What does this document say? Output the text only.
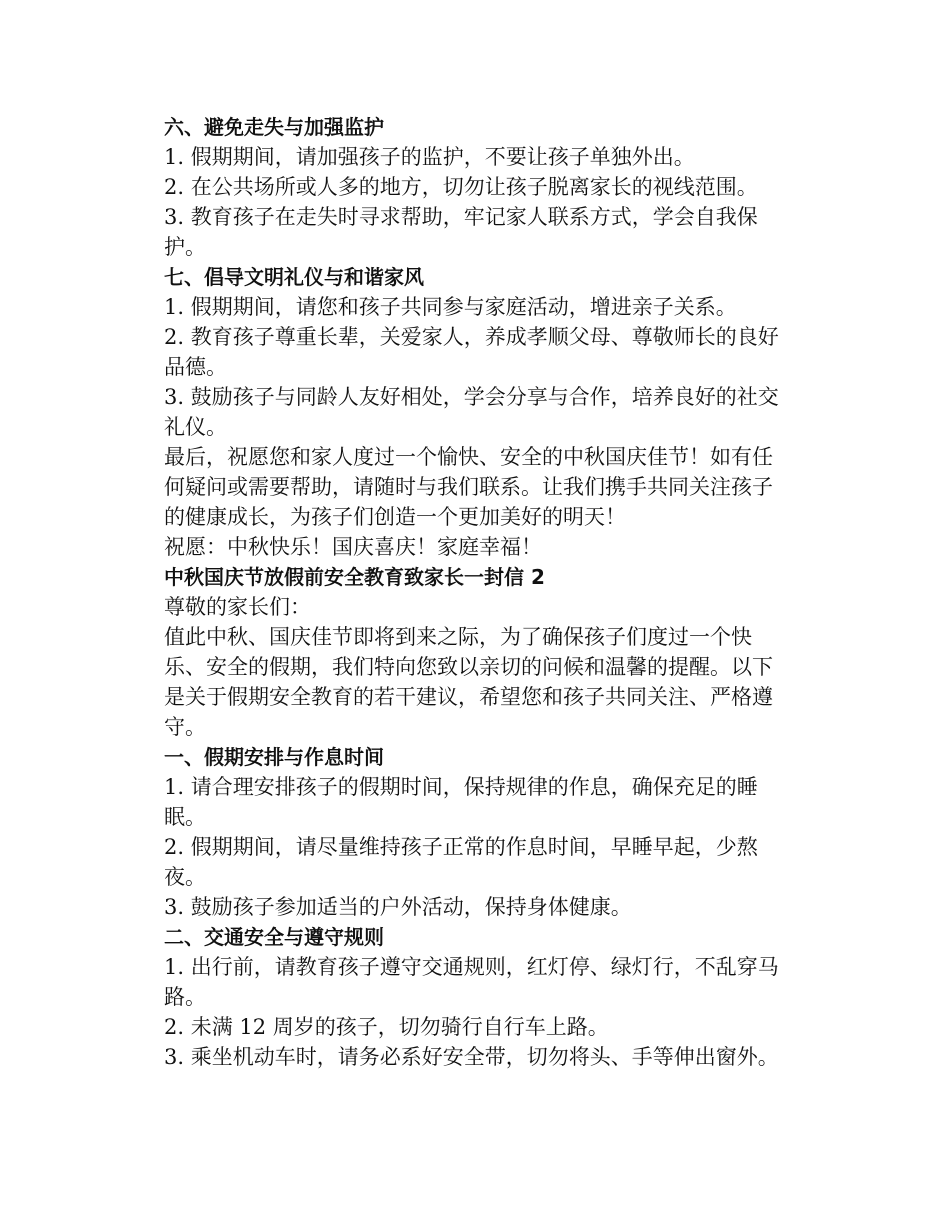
六、避免走失与加强监护

1. 假期期间，请加强孩子的监护，不要让孩子单独外出。

2. 在公共场所或人多的地方，切勿让孩子脱离家长的视线范围。

3. 教育孩子在走失时寻求帮助，牢记家人联系方式，学会自我保护。

七、倡导文明礼仪与和谐家风

1. 假期期间，请您和孩子共同参与家庭活动，增进亲子关系。

2. 教育孩子尊重长辈，关爱家人，养成孝顺父母、尊敬师长的良好品德。

3. 鼓励孩子与同龄人友好相处，学会分享与合作，培养良好的社交礼仪。

最后，祝愿您和家人度过一个愉快、安全的中秋国庆佳节！如有任何疑问或需要帮助，请随时与我们联系。让我们携手共同关注孩子的健康成长，为孩子们创造一个更加美好的明天！

祝愿：中秋快乐！国庆喜庆！家庭幸福！

中秋国庆节放假前安全教育致家长一封信 2

尊敬的家长们：

值此中秋、国庆佳节即将到来之际，为了确保孩子们度过一个快乐、安全的假期，我们特向您致以亲切的问候和温馨的提醒。以下是关于假期安全教育的若干建议，希望您和孩子共同关注、严格遵守。

一、假期安排与作息时间

1. 请合理安排孩子的假期时间，保持规律的作息，确保充足的睡眠。

2. 假期期间，请尽量维持孩子正常的作息时间，早睡早起，少熬夜。

3. 鼓励孩子参加适当的户外活动，保持身体健康。

二、交通安全与遵守规则

1. 出行前，请教育孩子遵守交通规则，红灯停、绿灯行，不乱穿马路。

2. 未满 12 周岁的孩子，切勿骑行自行车上路。

3. 乘坐机动车时，请务必系好安全带，切勿将头、手等伸出窗外。
